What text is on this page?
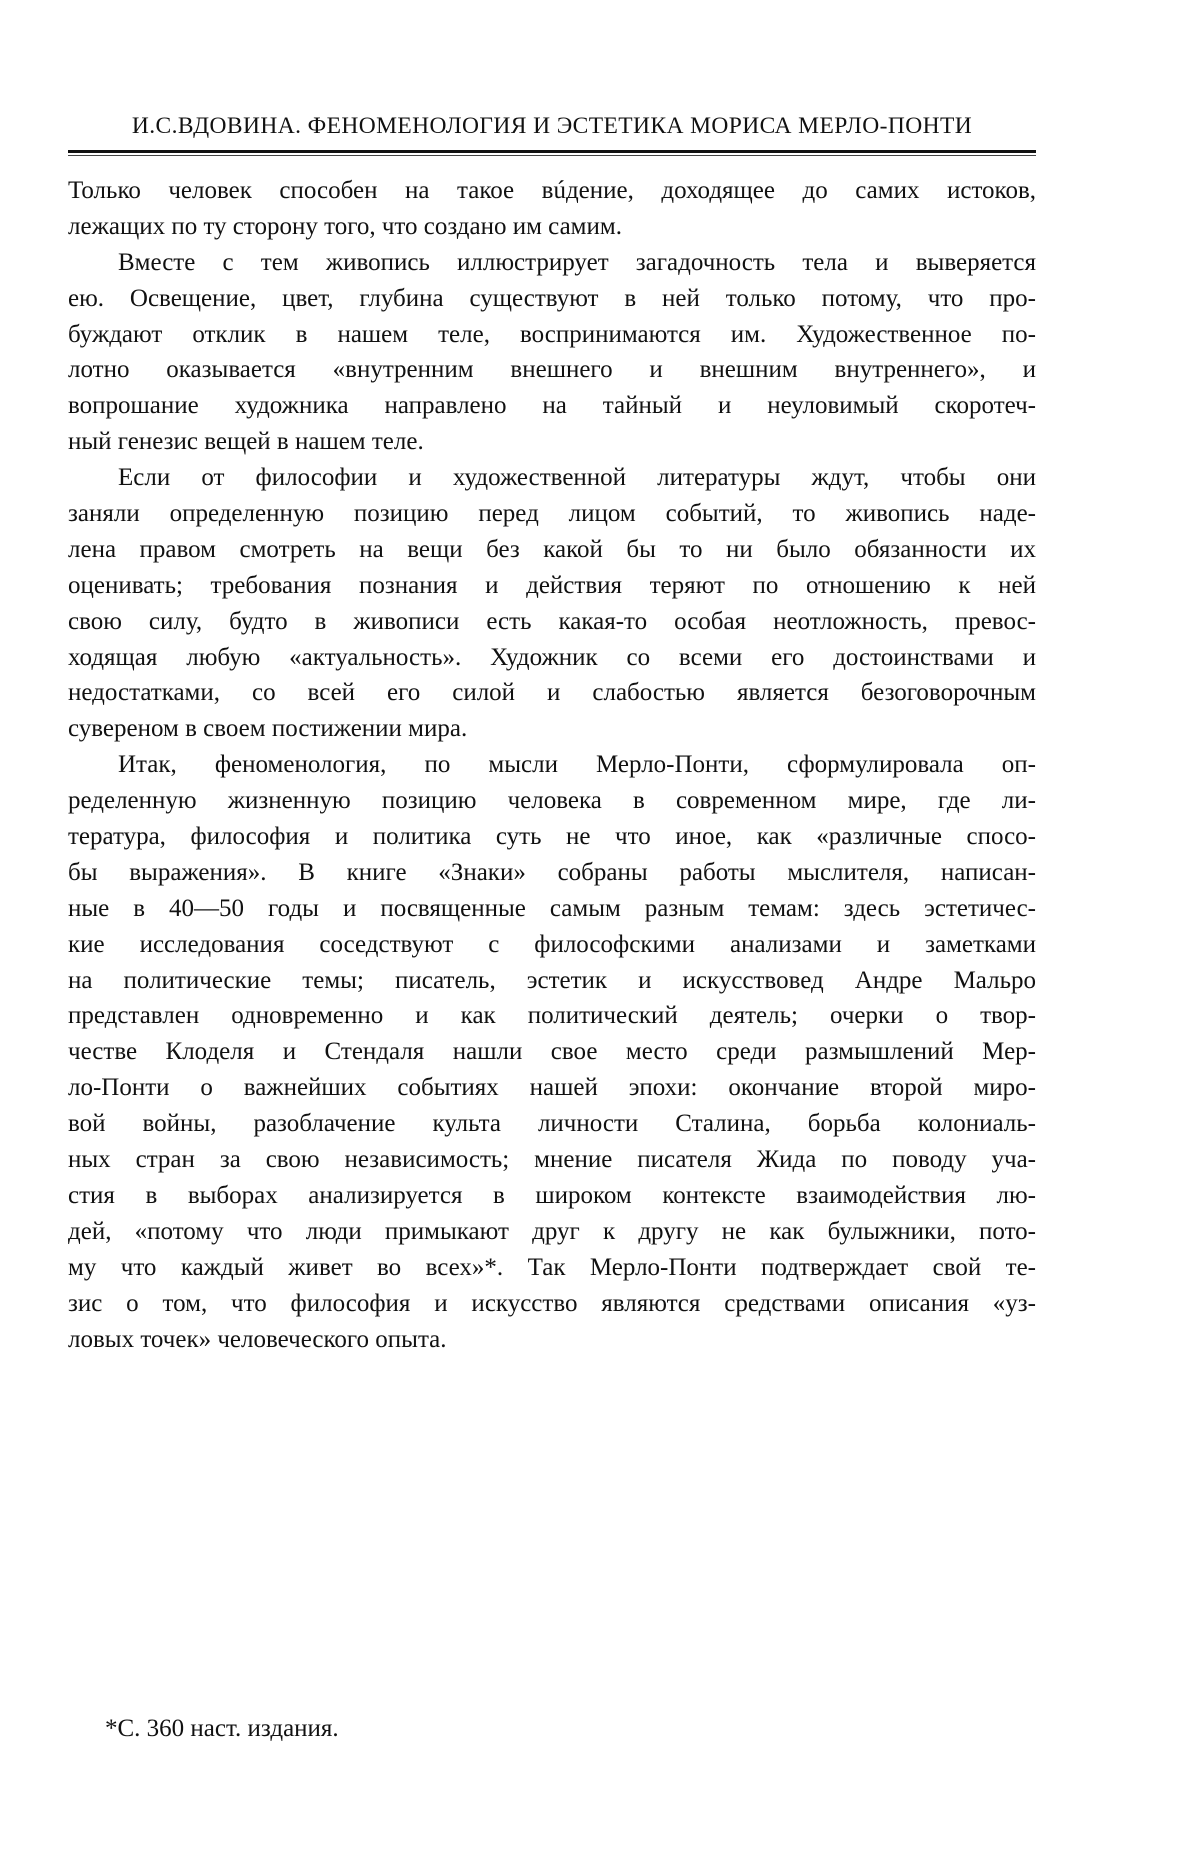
И.С.ВДОВИНА. ФЕНОМЕНОЛОГИЯ И ЭСТЕТИКА МОРИСА МЕРЛО-ПОНТИ

Только человек способен на такое вúдение, доходящее до самих истоков,
лежащих по ту сторону того, что создано им самим.

Вместе с тем живопись иллюстрирует загадочность тела и выверяется
ею. Освещение, цвет, глубина существуют в ней только потому, что про-
буждают отклик в нашем теле, воспринимаются им. Художественное по-
лотно оказывается «внутренним внешнего и внешним внутреннего», и
вопрошание художника направлено на тайный и неуловимый скоротеч-
ный генезис вещей в нашем теле.

Если от философии и художественной литературы ждут, чтобы они
заняли определенную позицию перед лицом событий, то живопись наде-
лена правом смотреть на вещи без какой бы то ни было обязанности их
оценивать; требования познания и действия теряют по отношению к ней
свою силу, будто в живописи есть какая-то особая неотложность, превос-
ходящая любую «актуальность». Художник со всеми его достоинствами и
недостатками, со всей его силой и слабостью является безоговорочным
сувереном в своем постижении мира.

Итак, феноменология, по мысли Мерло-Понти, сформулировала оп-
ределенную жизненную позицию человека в современном мире, где ли-
тература, философия и политика суть не что иное, как «различные спосо-
бы выражения». В книге «Знаки» собраны работы мыслителя, написан-
ные в 40—50 годы и посвященные самым разным темам: здесь эстетичес-
кие исследования соседствуют с философскими анализами и заметками
на политические темы; писатель, эстетик и искусствовед Андре Мальро
представлен одновременно и как политический деятель; очерки о твор-
честве Клоделя и Стендаля нашли свое место среди размышлений Мер-
ло-Понти о важнейших событиях нашей эпохи: окончание второй миро-
вой войны, разоблачение культа личности Сталина, борьба колониаль-
ных стран за свою независимость; мнение писателя Жида по поводу уча-
стия в выборах анализируется в широком контексте взаимодействия лю-
дей, «потому что люди примыкают друг к другу не как булыжники, пото-
му что каждый живет во всех»*. Так Мерло-Понти подтверждает свой те-
зис о том, что философия и искусство являются средствами описания «уз-
ловых точек» человеческого опыта.

*С. 360 наст. издания.
